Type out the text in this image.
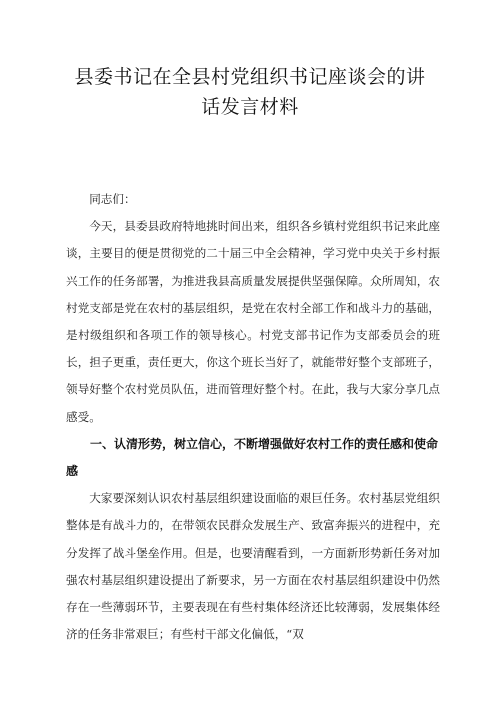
县委书记在全县村党组织书记座谈会的讲
话发言材料

同志们：

今天，县委县政府特地挑时间出来，组织各乡镇村党组织书记来此座谈，主要目的便是贯彻党的二十届三中全会精神，学习党中央关于乡村振兴工作的任务部署，为推进我县高质量发展提供坚强保障。众所周知，农村党支部是党在农村的基层组织，是党在农村全部工作和战斗力的基础，是村级组织和各项工作的领导核心。村党支部书记作为支部委员会的班长，担子更重，责任更大，你这个班长当好了，就能带好整个支部班子，领导好整个农村党员队伍，进而管理好整个村。在此，我与大家分享几点感受。

一、认清形势，树立信心，不断增强做好农村工作的责任感和使命感

大家要深刻认识农村基层组织建设面临的艰巨任务。农村基层党组织整体是有战斗力的，在带领农民群众发展生产、致富奔振兴的进程中，充分发挥了战斗堡垒作用。但是，也要清醒看到，一方面新形势新任务对加强农村基层组织建设提出了新要求，另一方面在农村基层组织建设中仍然存在一些薄弱环节，主要表现在有些村集体经济还比较薄弱，发展集体经济的任务非常艰巨；有些村干部文化偏低，“双
